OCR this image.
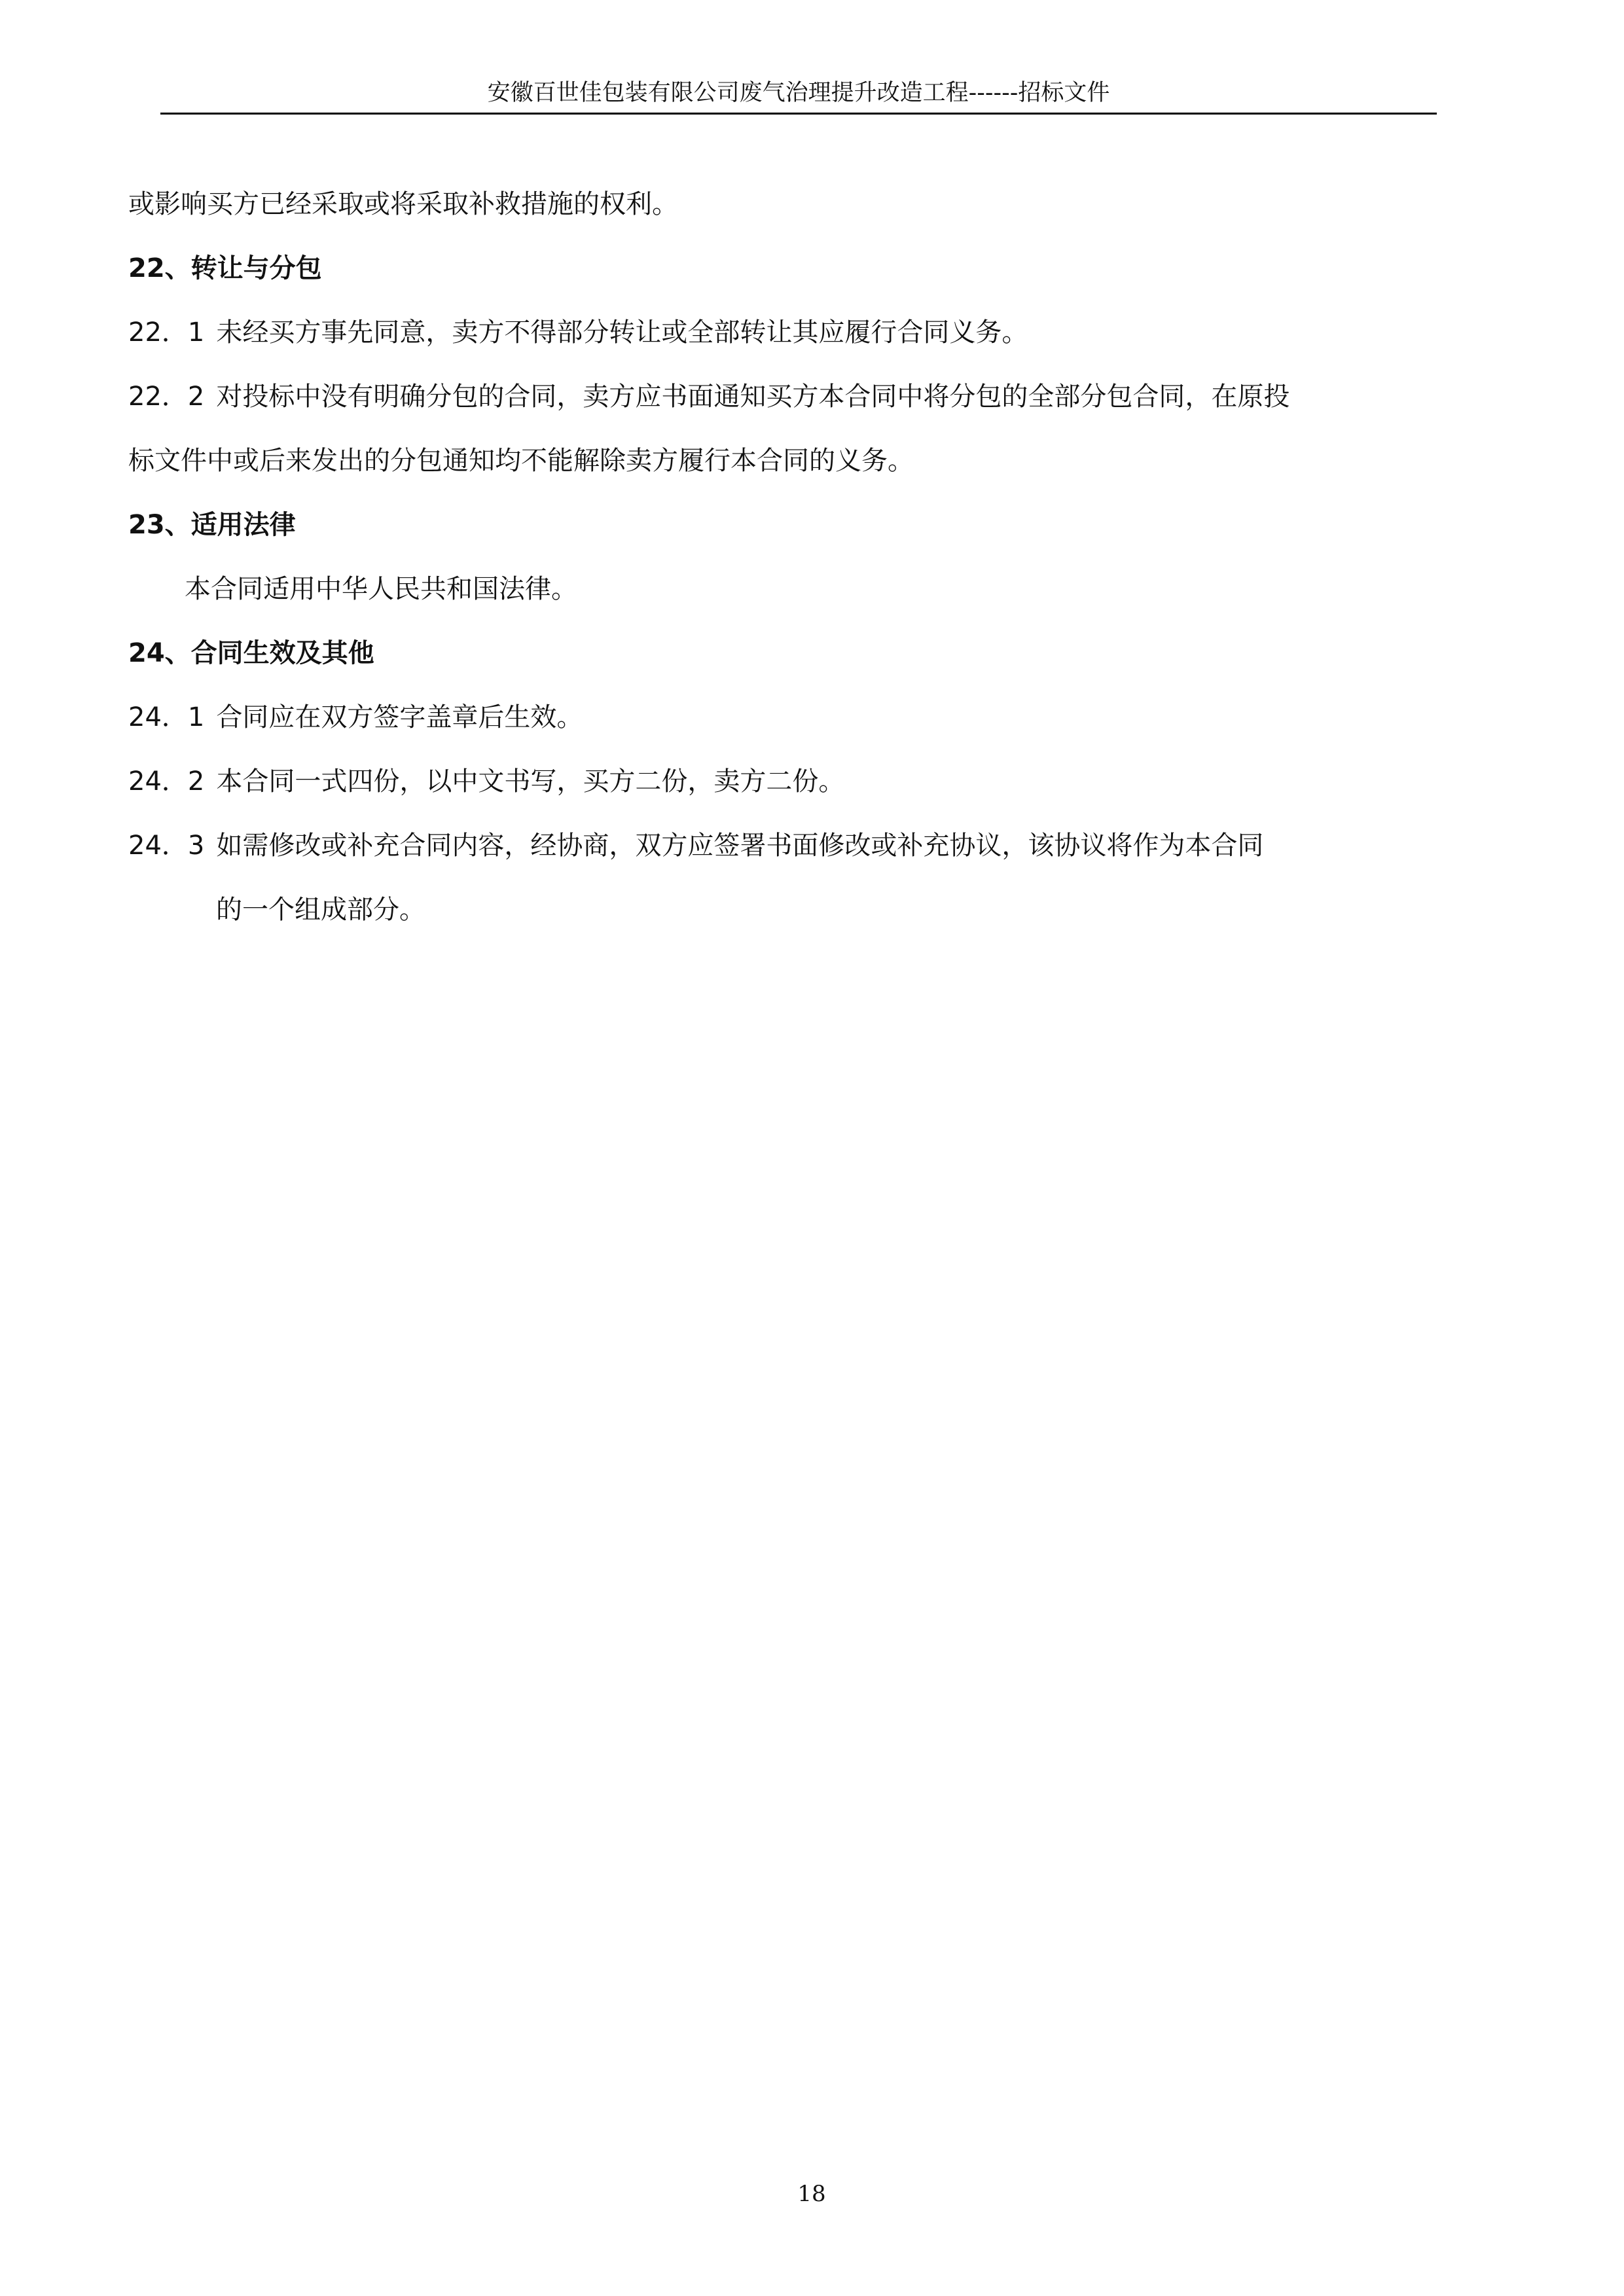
安徽百世佳包装有限公司废气治理提升改造工程------招标文件
或影响买方已经采取或将采取补救措施的权利。
22、转让与分包
22．1 未经买方事先同意，卖方不得部分转让或全部转让其应履行合同义务。
22．2 对投标中没有明确分包的合同，卖方应书面通知买方本合同中将分包的全部分包合同，在原投
标文件中或后来发出的分包通知均不能解除卖方履行本合同的义务。
23、适用法律
本合同适用中华人民共和国法律。
24、合同生效及其他
24．1 合同应在双方签字盖章后生效。
24．2 本合同一式四份，以中文书写，买方二份，卖方二份。
24．3 如需修改或补充合同内容，经协商，双方应签署书面修改或补充协议，该协议将作为本合同
的一个组成部分。
18
